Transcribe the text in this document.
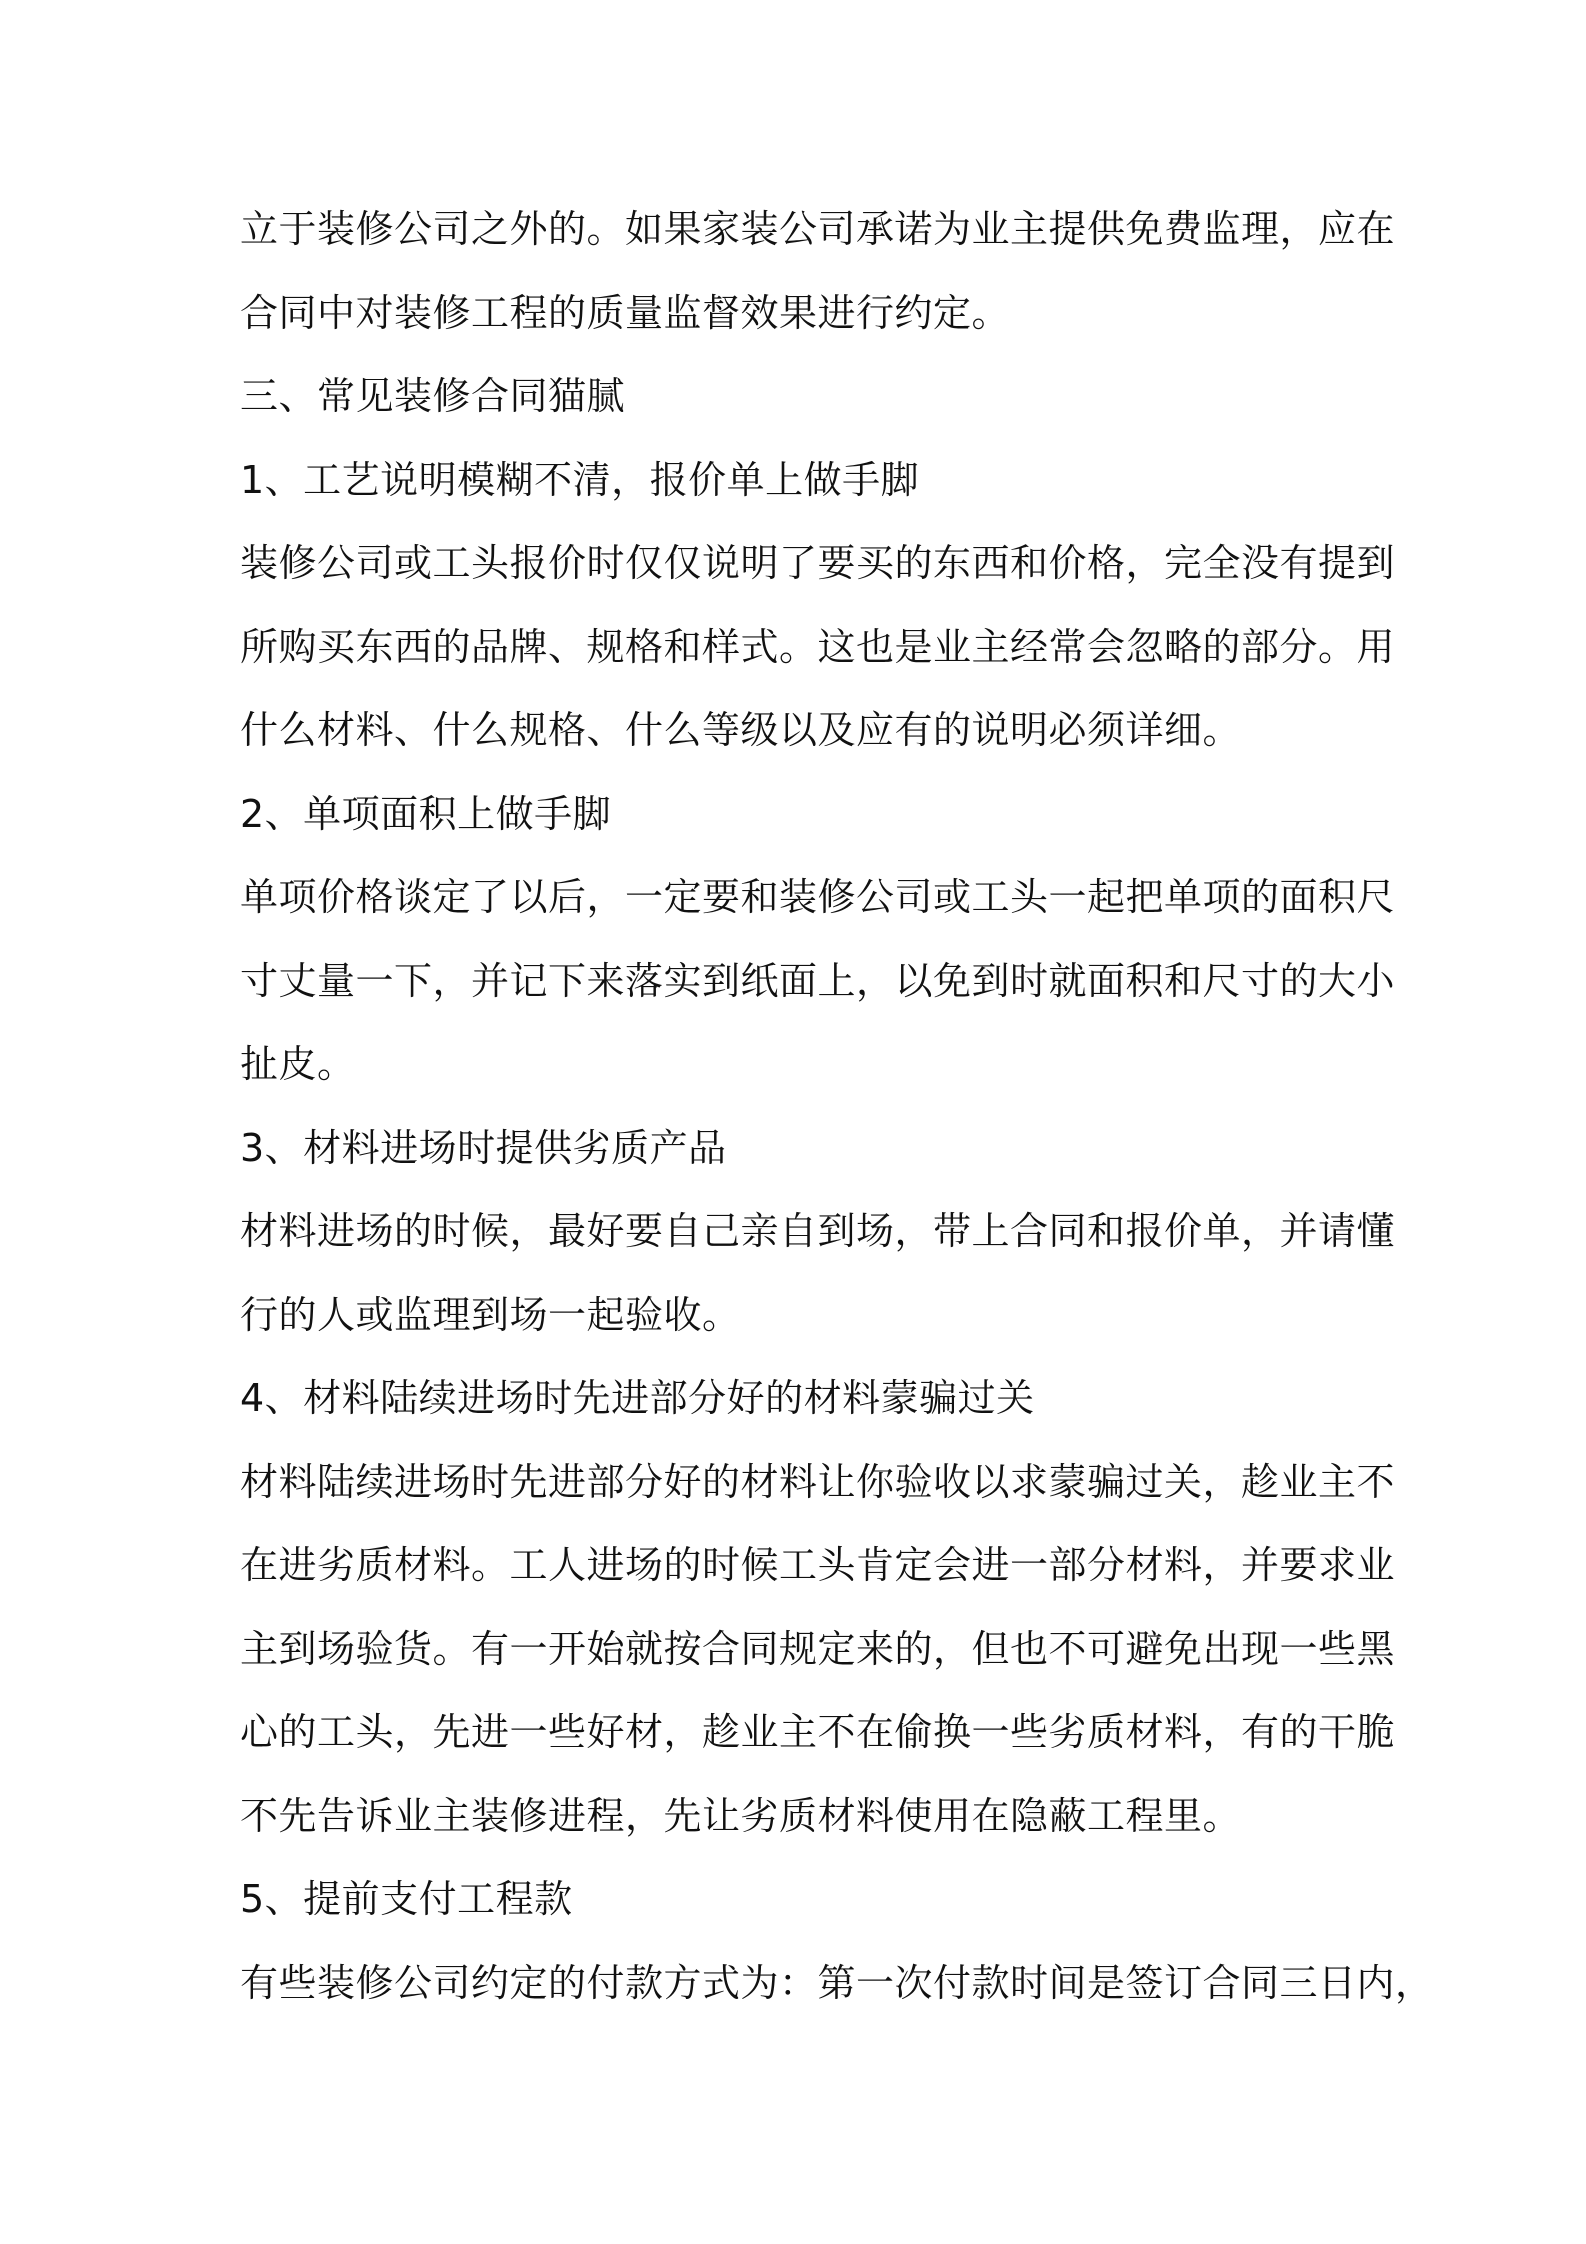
立于装修公司之外的。如果家装公司承诺为业主提供免费监理，应在
合同中对装修工程的质量监督效果进行约定。
三、常见装修合同猫腻
1、工艺说明模糊不清，报价单上做手脚
装修公司或工头报价时仅仅说明了要买的东西和价格，完全没有提到
所购买东西的品牌、规格和样式。这也是业主经常会忽略的部分。用
什么材料、什么规格、什么等级以及应有的说明必须详细。
2、单项面积上做手脚
单项价格谈定了以后，一定要和装修公司或工头一起把单项的面积尺
寸丈量一下，并记下来落实到纸面上，以免到时就面积和尺寸的大小
扯皮。
3、材料进场时提供劣质产品
材料进场的时候，最好要自己亲自到场，带上合同和报价单，并请懂
行的人或监理到场一起验收。
4、材料陆续进场时先进部分好的材料蒙骗过关
材料陆续进场时先进部分好的材料让你验收以求蒙骗过关，趁业主不
在进劣质材料。工人进场的时候工头肯定会进一部分材料，并要求业
主到场验货。有一开始就按合同规定来的，但也不可避免出现一些黑
心的工头，先进一些好材，趁业主不在偷换一些劣质材料，有的干脆
不先告诉业主装修进程，先让劣质材料使用在隐蔽工程里。
5、提前支付工程款
有些装修公司约定的付款方式为：第一次付款时间是签订合同三日内，
